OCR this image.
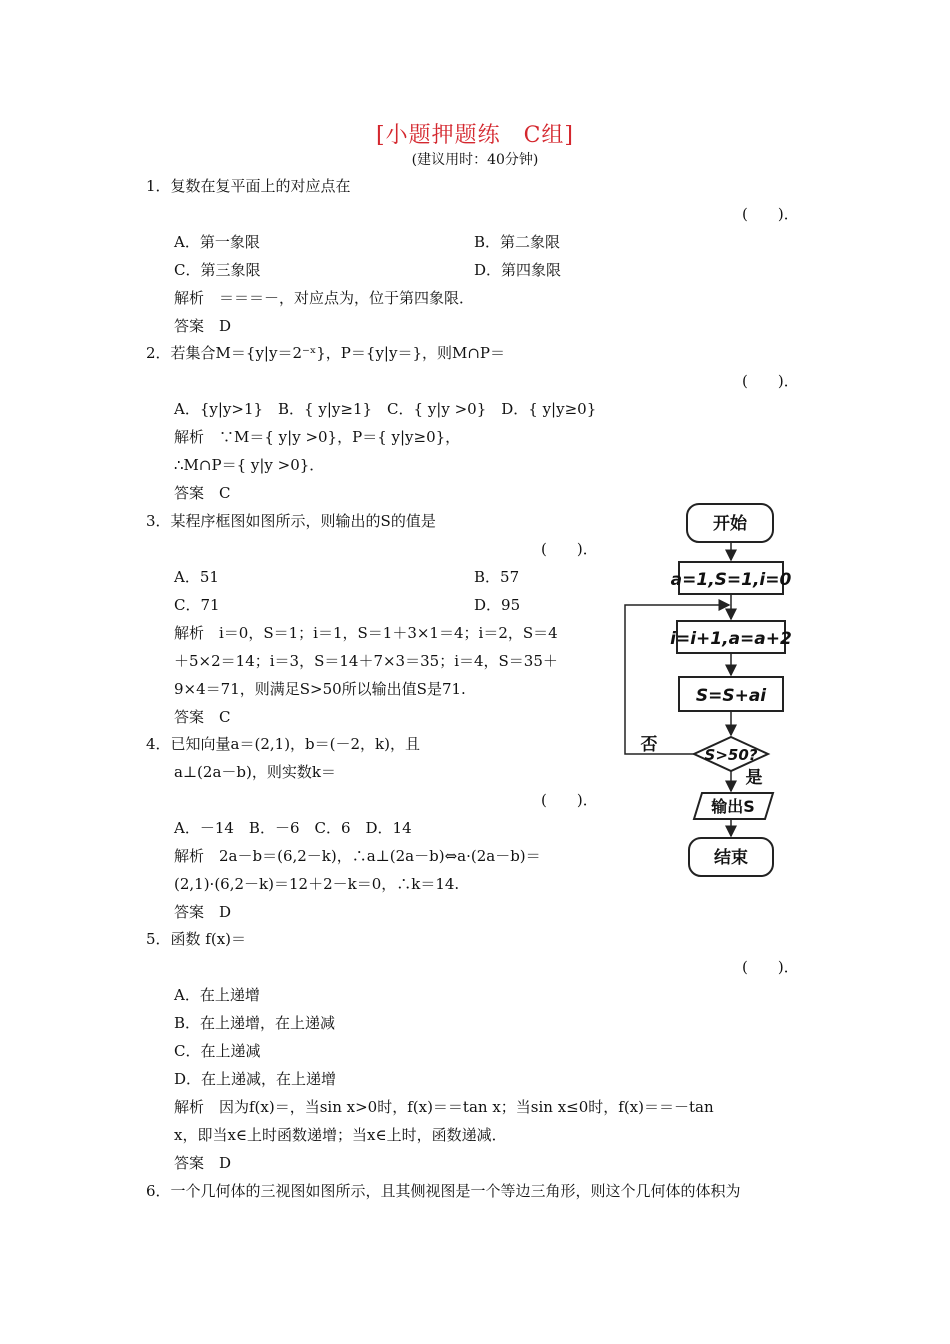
[小题押题练　C组]
(建议用时：40分钟)
1．复数在复平面上的对应点在
(　　)．
A．第一象限	B．第二象限
C．第三象限	D．第四象限
解析　＝＝＝－，对应点为，位于第四象限．
答案　D
2．若集合M＝{y|y＝2⁻ˣ}，P＝{y|y＝}，则M∩P＝
(　　)．
A．{y|y>1}　B．{ y|y≥1}　C．{ y|y >0}　D．{ y|y≥0}
解析　∵M＝{ y|y >0}，P＝{ y|y≥0}，
∴M∩P＝{ y|y >0}．
答案　C
3．某程序框图如图所示，则输出的S的值是
(　　)．
A．51	B．57
C．71	D．95
解析　i＝0，S＝1；i＝1，S＝1＋3×1＝4；i＝2，S＝4
＋5×2＝14；i＝3，S＝14＋7×3＝35；i＝4，S＝35＋
9×4＝71，则满足S>50所以输出值S是71.
答案　C
4．已知向量a＝(2,1)，b＝(－2，k)，且
a⊥(2a－b)，则实数k＝
(　　)．
A．－14　B．－6　C．6　D．14
解析　2a－b＝(6,2－k)，∴a⊥(2a－b)⇔a·(2a－b)＝
(2,1)·(6,2－k)＝12＋2－k＝0，∴k＝14.
答案　D
5．函数 f(x)＝
(　　)．
A．在上递增
B．在上递增，在上递减
C．在上递减
D．在上递减，在上递增
解析　因为f(x)＝，当sin x>0时，f(x)＝＝tan x；当sin x≤0时，f(x)＝＝－tan
x，即当x∈上时函数递增；当x∈上时，函数递减．
答案　D
6．一个几何体的三视图如图所示，且其侧视图是一个等边三角形，则这个几何体的体积为
开始
a=1,S=1,i=0
i=i+1,a=a+2
S=S+ai
S>50?
输出S
结束
否
是
